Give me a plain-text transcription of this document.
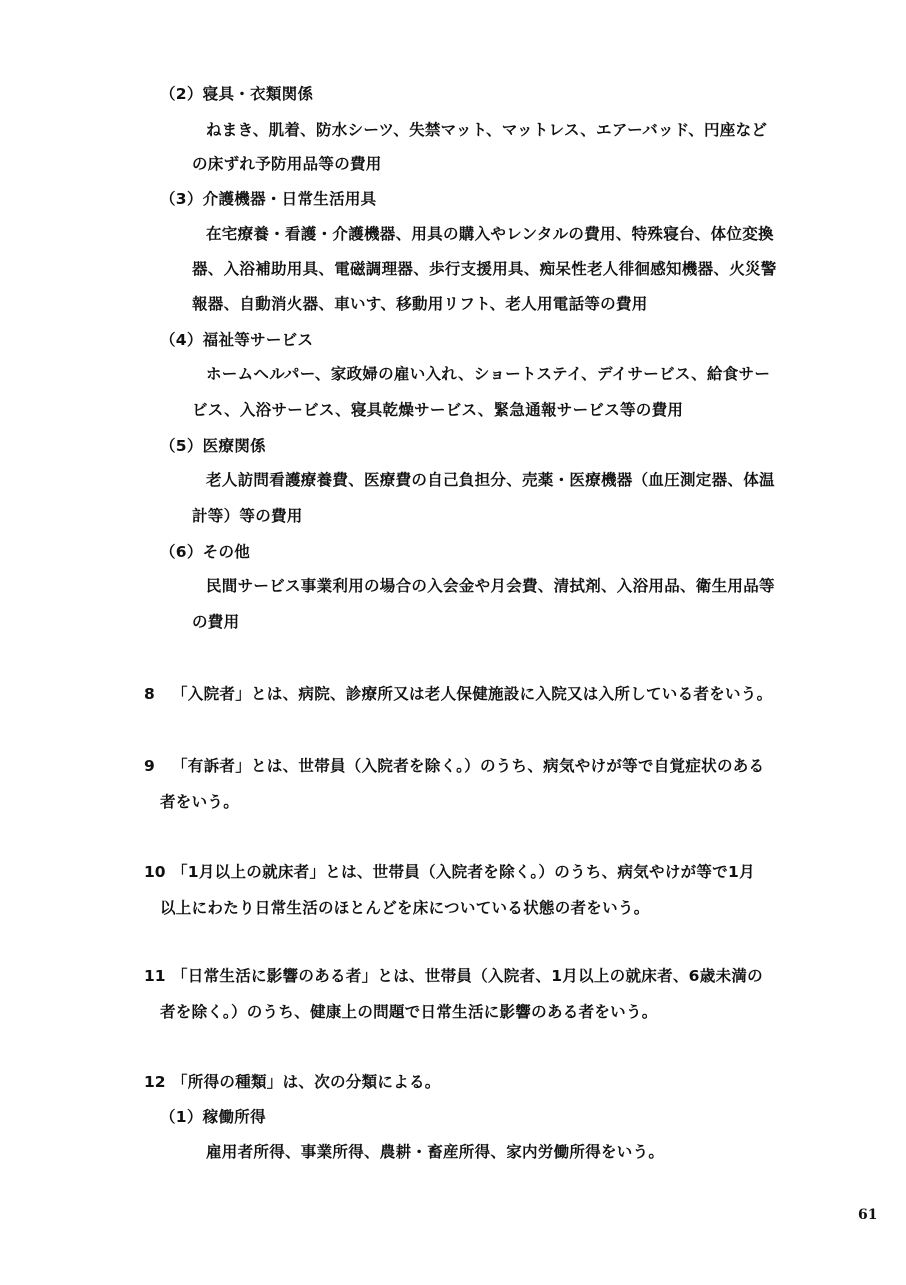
（2）寝具・衣類関係
ねまき、肌着、防水シーツ、失禁マット、マットレス、エアーバッド、円座など
の床ずれ予防用品等の費用
（3）介護機器・日常生活用具
在宅療養・看護・介護機器、用具の購入やレンタルの費用、特殊寝台、体位変換
器、入浴補助用具、電磁調理器、歩行支援用具、痴呆性老人徘徊感知機器、火災警
報器、自動消火器、車いす、移動用リフト、老人用電話等の費用
（4）福祉等サービス
ホームヘルパー、家政婦の雇い入れ、ショートステイ、デイサービス、給食サー
ビス、入浴サービス、寝具乾燥サービス、緊急通報サービス等の費用
（5）医療関係
老人訪問看護療養費、医療費の自己負担分、売薬・医療機器（血圧測定器、体温
計等）等の費用
（6）その他
民間サービス事業利用の場合の入会金や月会費、清拭剤、入浴用品、衛生用品等
の費用
8 「入院者」とは、病院、診療所又は老人保健施設に入院又は入所している者をいう。
9 「有訴者」とは、世帯員（入院者を除く。）のうち、病気やけが等で自覚症状のある
者をいう。
10 「1月以上の就床者」とは、世帯員（入院者を除く。）のうち、病気やけが等で1月
以上にわたり日常生活のほとんどを床についている状態の者をいう。
11 「日常生活に影響のある者」とは、世帯員（入院者、1月以上の就床者、6歳未満の
者を除く。）のうち、健康上の問題で日常生活に影響のある者をいう。
12 「所得の種類」は、次の分類による。
（1）稼働所得
雇用者所得、事業所得、農耕・畜産所得、家内労働所得をいう。
61
